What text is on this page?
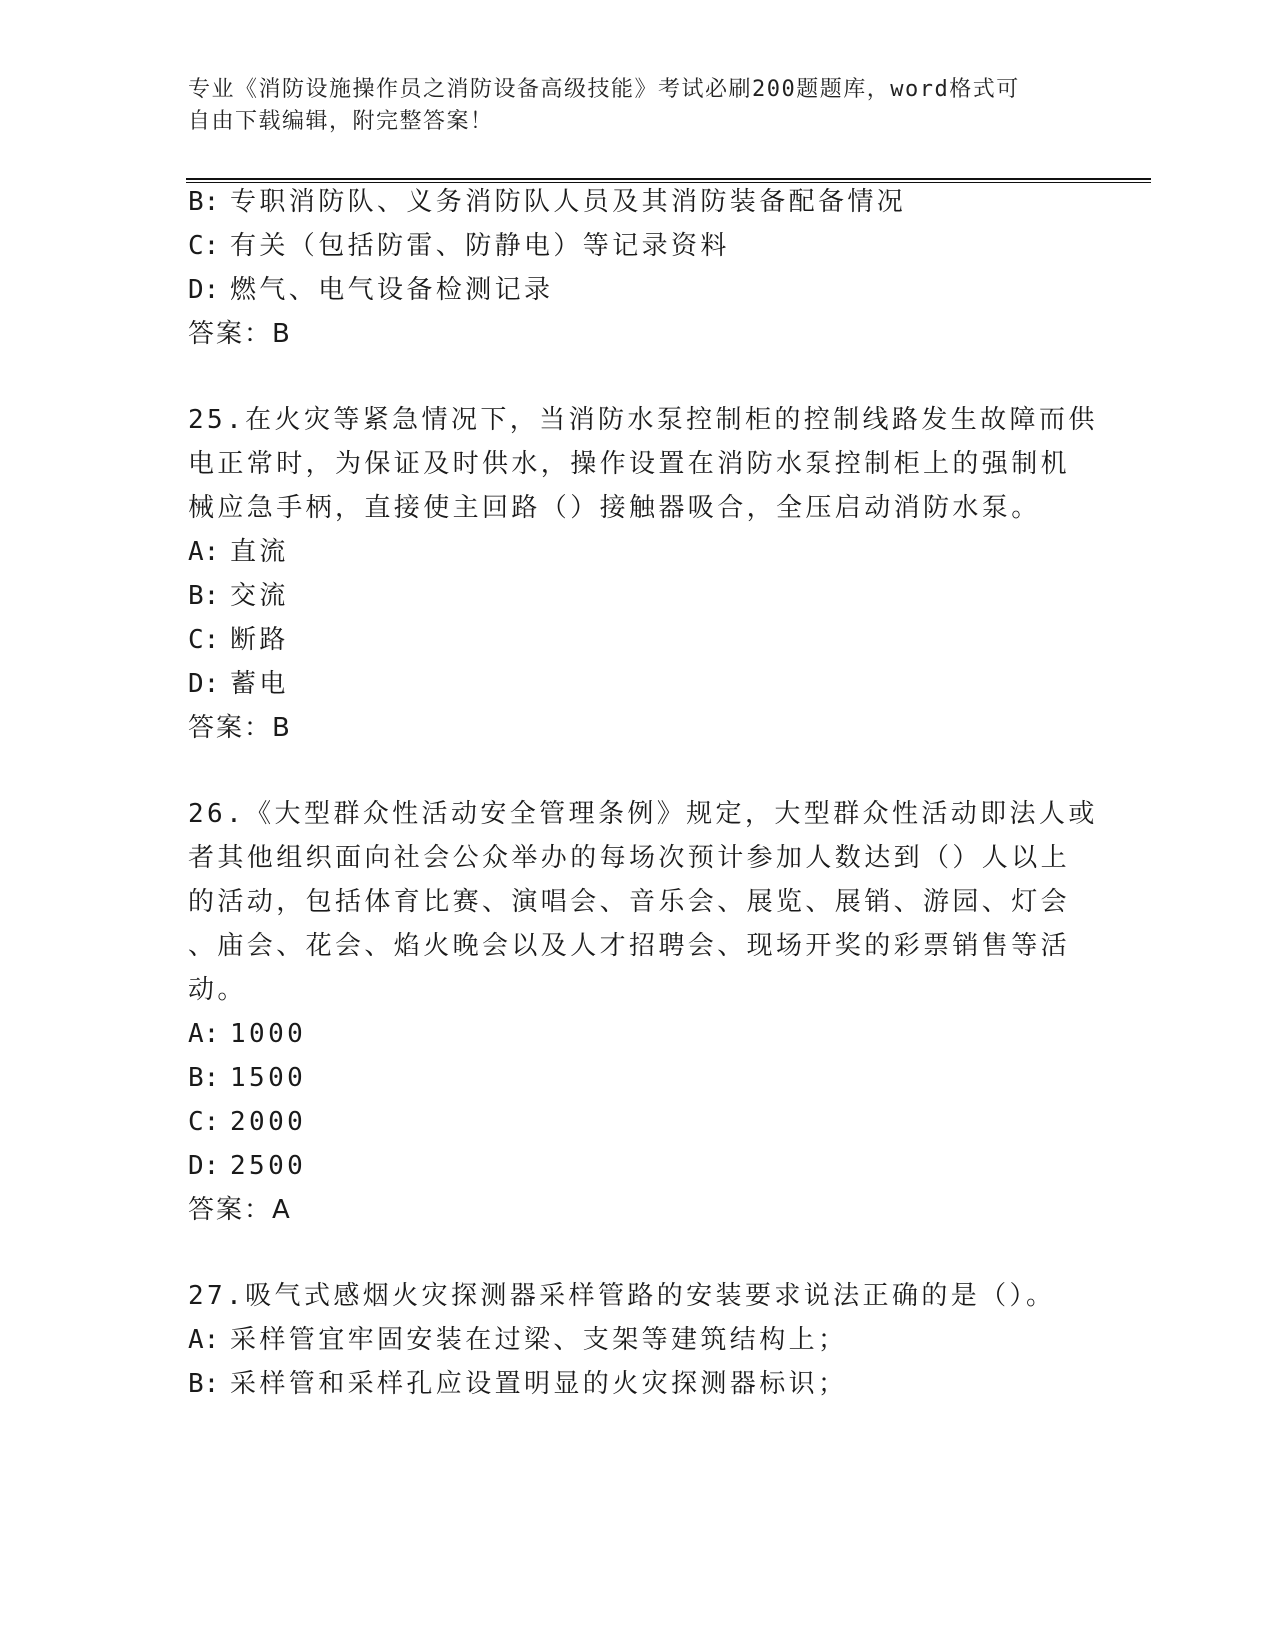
专业《消防设施操作员之消防设备高级技能》考试必刷200题题库，word格式可
自由下载编辑，附完整答案！
B: 专职消防队、义务消防队人员及其消防装备配备情况
C: 有关（包括防雷、防静电）等记录资料
D: 燃气、电气设备检测记录
答案：B
25.在火灾等紧急情况下，当消防水泵控制柜的控制线路发生故障而供
电正常时，为保证及时供水，操作设置在消防水泵控制柜上的强制机
械应急手柄，直接使主回路（）接触器吸合，全压启动消防水泵。
A: 直流
B: 交流
C: 断路
D: 蓄电
答案：B
26.《大型群众性活动安全管理条例》规定，大型群众性活动即法人或
者其他组织面向社会公众举办的每场次预计参加人数达到（）人以上
的活动，包括体育比赛、演唱会、音乐会、展览、展销、游园、灯会
、庙会、花会、焰火晚会以及人才招聘会、现场开奖的彩票销售等活
动。
A: 1000
B: 1500
C: 2000
D: 2500
答案：A
27.吸气式感烟火灾探测器采样管路的安装要求说法正确的是（）。
A: 采样管宜牢固安装在过梁、支架等建筑结构上；
B: 采样管和采样孔应设置明显的火灾探测器标识；
